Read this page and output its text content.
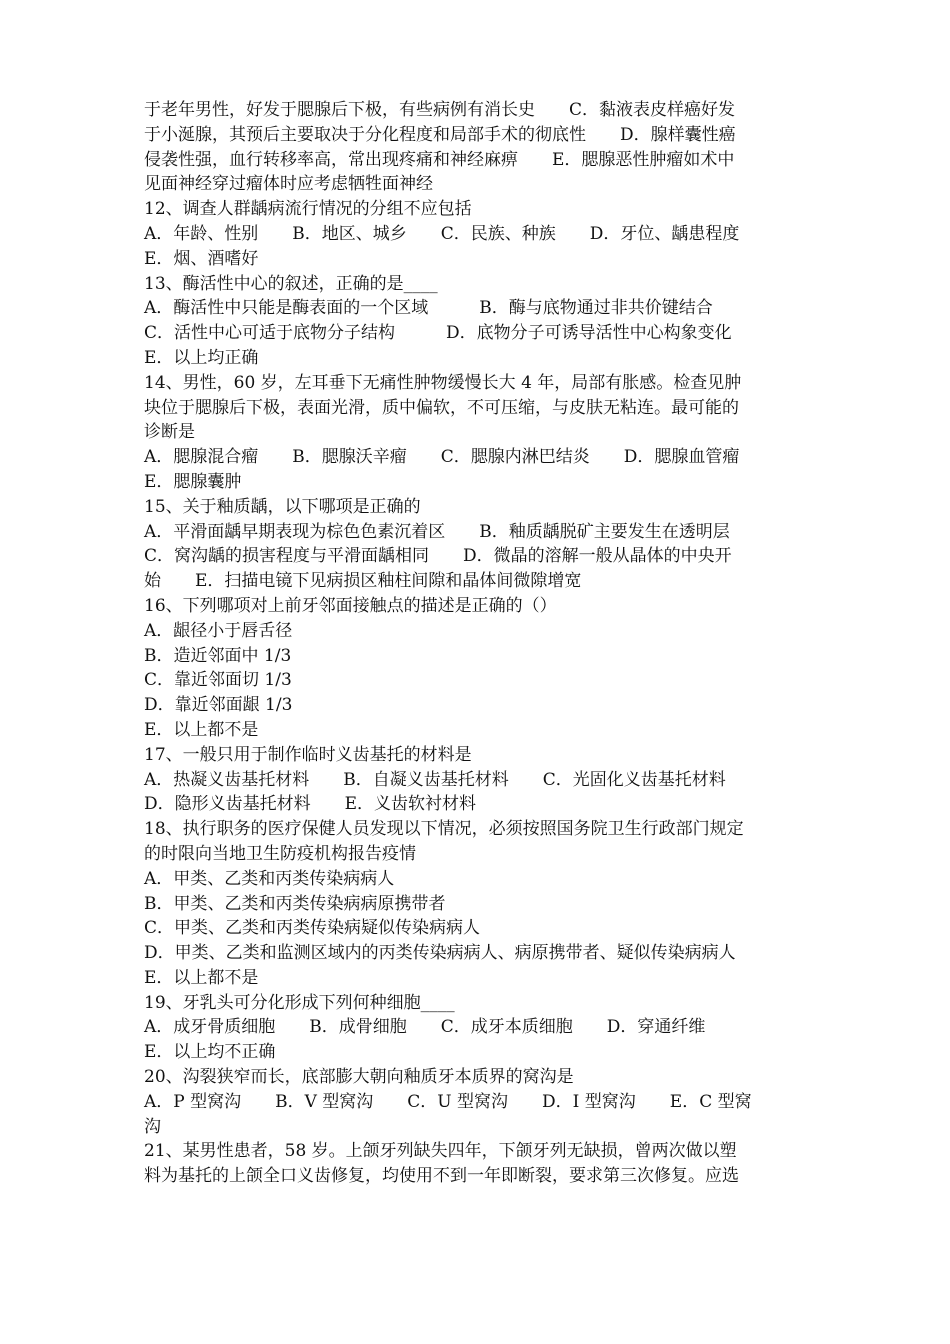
于老年男性，好发于腮腺后下极，有些病例有消长史　　C．黏液表皮样癌好发
于小涎腺，其预后主要取决于分化程度和局部手术的彻底性　　D．腺样囊性癌
侵袭性强，血行转移率高，常出现疼痛和神经麻痹　　E．腮腺恶性肿瘤如术中
见面神经穿过瘤体时应考虑牺牲面神经
12、调查人群龋病流行情况的分组不应包括
A．年龄、性别　　B．地区、城乡　　C．民族、种族　　D．牙位、龋患程度
E．烟、酒嗜好
13、酶活性中心的叙述，正确的是____
A．酶活性中只能是酶表面的一个区域　　　B．酶与底物通过非共价键结合
C．活性中心可适于底物分子结构　　　D．底物分子可诱导活性中心构象变化
E．以上均正确
14、男性，60 岁，左耳垂下无痛性肿物缓慢长大 4 年，局部有胀感。检查见肿
块位于腮腺后下极，表面光滑，质中偏软，不可压缩，与皮肤无粘连。最可能的
诊断是
A．腮腺混合瘤　　B．腮腺沃辛瘤　　C．腮腺内淋巴结炎　　D．腮腺血管瘤
E．腮腺囊肿
15、关于釉质龋，以下哪项是正确的
A．平滑面龋早期表现为棕色色素沉着区　　B．釉质龋脱矿主要发生在透明层
C．窝沟龋的损害程度与平滑面龋相同　　D．微晶的溶解一般从晶体的中央开
始　　E．扫描电镜下见病损区釉柱间隙和晶体间微隙增宽
16、下列哪项对上前牙邻面接触点的描述是正确的（）
A．龈径小于唇舌径
B．造近邻面中 1/3
C．靠近邻面切 1/3
D．靠近邻面龈 1/3
E．以上都不是
17、一般只用于制作临时义齿基托的材料是
A．热凝义齿基托材料　　B．自凝义齿基托材料　　C．光固化义齿基托材料
D．隐形义齿基托材料　　E．义齿软衬材料
18、执行职务的医疗保健人员发现以下情况，必须按照国务院卫生行政部门规定
的时限向当地卫生防疫机构报告疫情
A．甲类、乙类和丙类传染病病人
B．甲类、乙类和丙类传染病病原携带者
C．甲类、乙类和丙类传染病疑似传染病病人
D．甲类、乙类和监测区域内的丙类传染病病人、病原携带者、疑似传染病病人
E．以上都不是
19、牙乳头可分化形成下列何种细胞____
A．成牙骨质细胞　　B．成骨细胞　　C．成牙本质细胞　　D．穿通纤维
E．以上均不正确
20、沟裂狭窄而长，底部膨大朝向釉质牙本质界的窝沟是
A．P 型窝沟　　B．V 型窝沟　　C．U 型窝沟　　D．I 型窝沟　　E．C 型窝
沟
21、某男性患者，58 岁。上颌牙列缺失四年，下颌牙列无缺损，曾两次做以塑
料为基托的上颌全口义齿修复，均使用不到一年即断裂，要求第三次修复。应选
